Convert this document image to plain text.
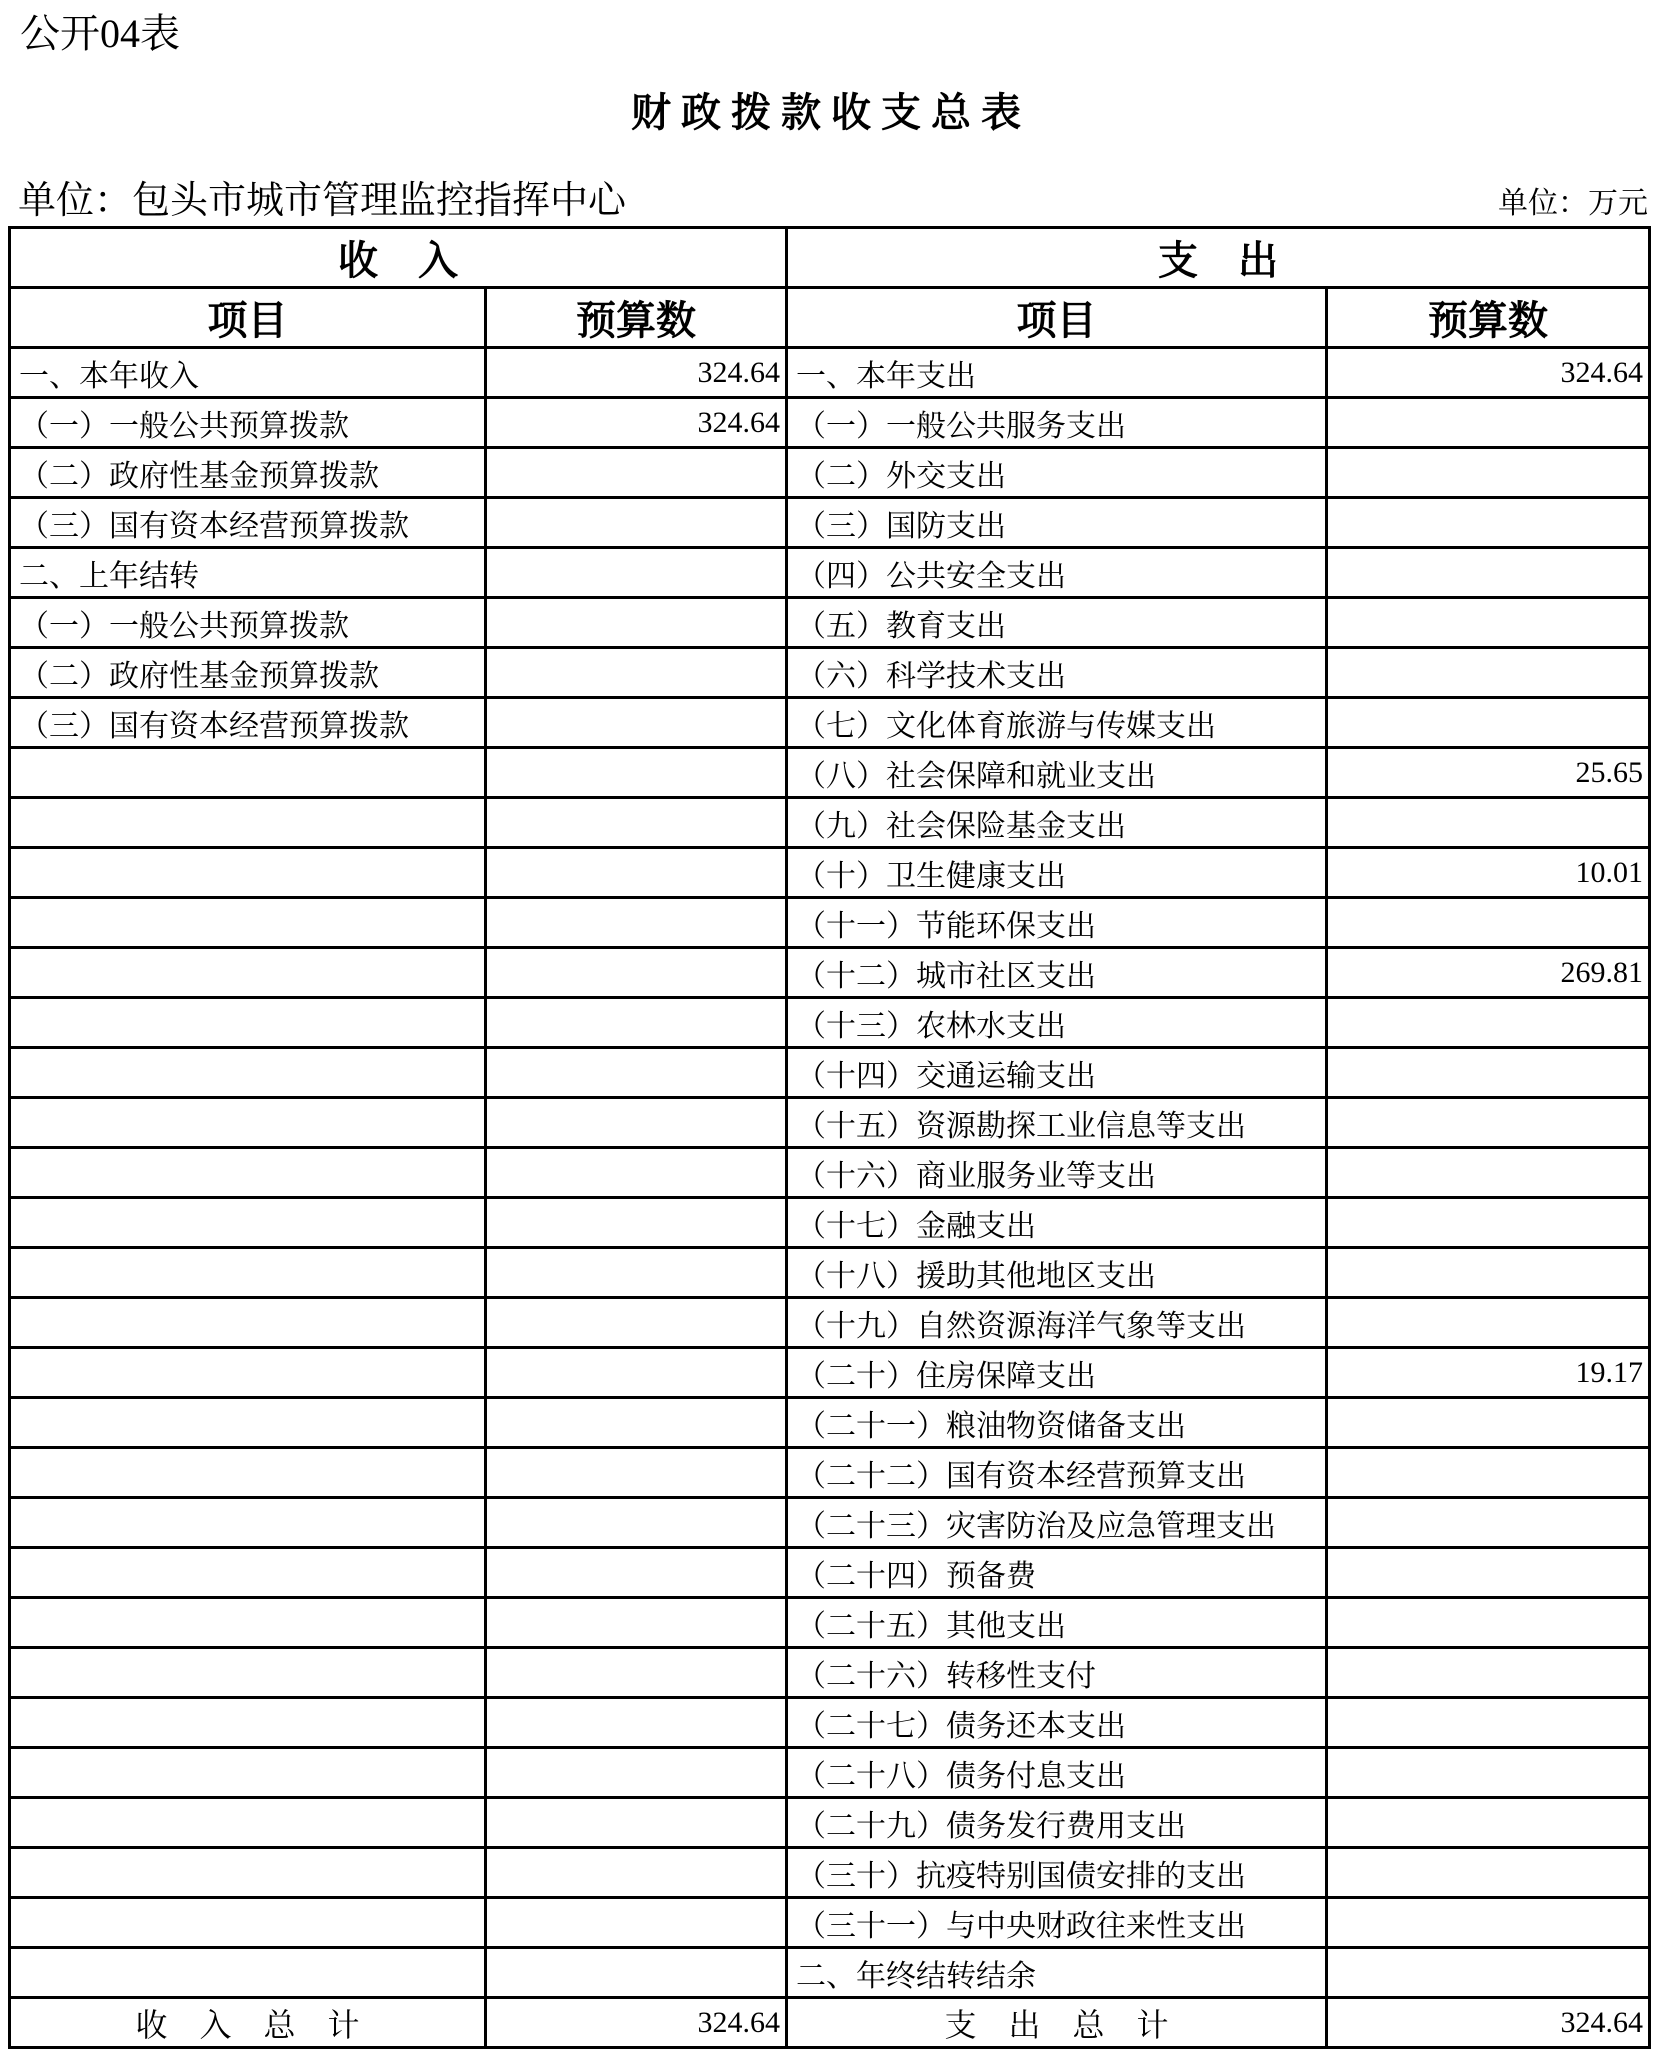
公开04表
财政拨款收支总表
单位：包头市城市管理监控指挥中心	单位：万元
收　入		支　出	
项目	预算数	项目	预算数
一、本年收入	324.64	一、本年支出	324.64
（一）一般公共预算拨款	324.64	（一）一般公共服务支出	
（二）政府性基金预算拨款		（二）外交支出	
（三）国有资本经营预算拨款		（三）国防支出	
二、上年结转		（四）公共安全支出	
（一）一般公共预算拨款		（五）教育支出	
（二）政府性基金预算拨款		（六）科学技术支出	
（三）国有资本经营预算拨款		（七）文化体育旅游与传媒支出	
		（八）社会保障和就业支出	25.65
		（九）社会保险基金支出	
		（十）卫生健康支出	10.01
		（十一）节能环保支出	
		（十二）城市社区支出	269.81
		（十三）农林水支出	
		（十四）交通运输支出	
		（十五）资源勘探工业信息等支出	
		（十六）商业服务业等支出	
		（十七）金融支出	
		（十八）援助其他地区支出	
		（十九）自然资源海洋气象等支出	
		（二十）住房保障支出	19.17
		（二十一）粮油物资储备支出	
		（二十二）国有资本经营预算支出	
		（二十三）灾害防治及应急管理支出	
		（二十四）预备费	
		（二十五）其他支出	
		（二十六）转移性支付	
		（二十七）债务还本支出	
		（二十八）债务付息支出	
		（二十九）债务发行费用支出	
		（三十）抗疫特别国债安排的支出	
		（三十一）与中央财政往来性支出	
		二、年终结转结余	
收　入　总　计	324.64	支　出　总　计	324.64
